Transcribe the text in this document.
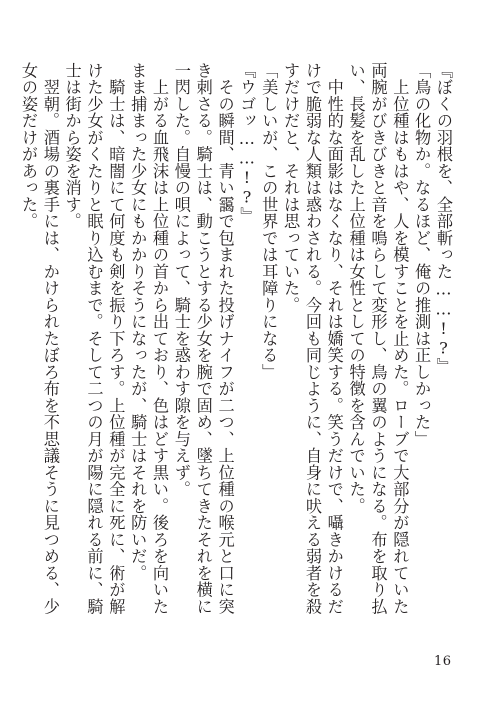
『ぼくの羽根を、全部斬った……!?』

「鳥の化物か。なるほど、俺の推測は正しかった」

　上位種はもはや、人を模すことを止めた。ローブで大部分が隠れていた両腕がびきびきと音を鳴らして変形し、鳥の翼のようになる。布を取り払い、長髪を乱した上位種は女性としての特徴を含んでいた。

　中性的な面影はなくなり、それは嬌笑する。笑うだけで、囁きかけるだけで脆弱な人類は惑わされる。今回も同じように、自身に吠える弱者を殺すだけだと、それは思っていた。

「美しいが、この世界では耳障りになる」

『ウゴッ……!?』

　その瞬間、青い靄で包まれた投げナイフが二つ、上位種の喉元と口に突き刺さる。騎士は、動こうとする少女を腕で固め、墜ちてきたそれを横に一閃した。自慢の唄によって、騎士を惑わす隙を与えず。

　上がる血飛沫は上位種の首から出ており、色はどす黒い。後ろを向いたまま捕まった少女にもかかりそうになったが、騎士はそれを防いだ。

　騎士は、暗闇にて何度も剣を振り下ろす。上位種が完全に死に、術が解けた少女がくたりと眠り込むまで。そして二つの月が陽に隠れる前に、騎士は街から姿を消す。

　翌朝。酒場の裏手には、かけられたぼろ布を不思議そうに見つめる、少女の姿だけがあった。

16
